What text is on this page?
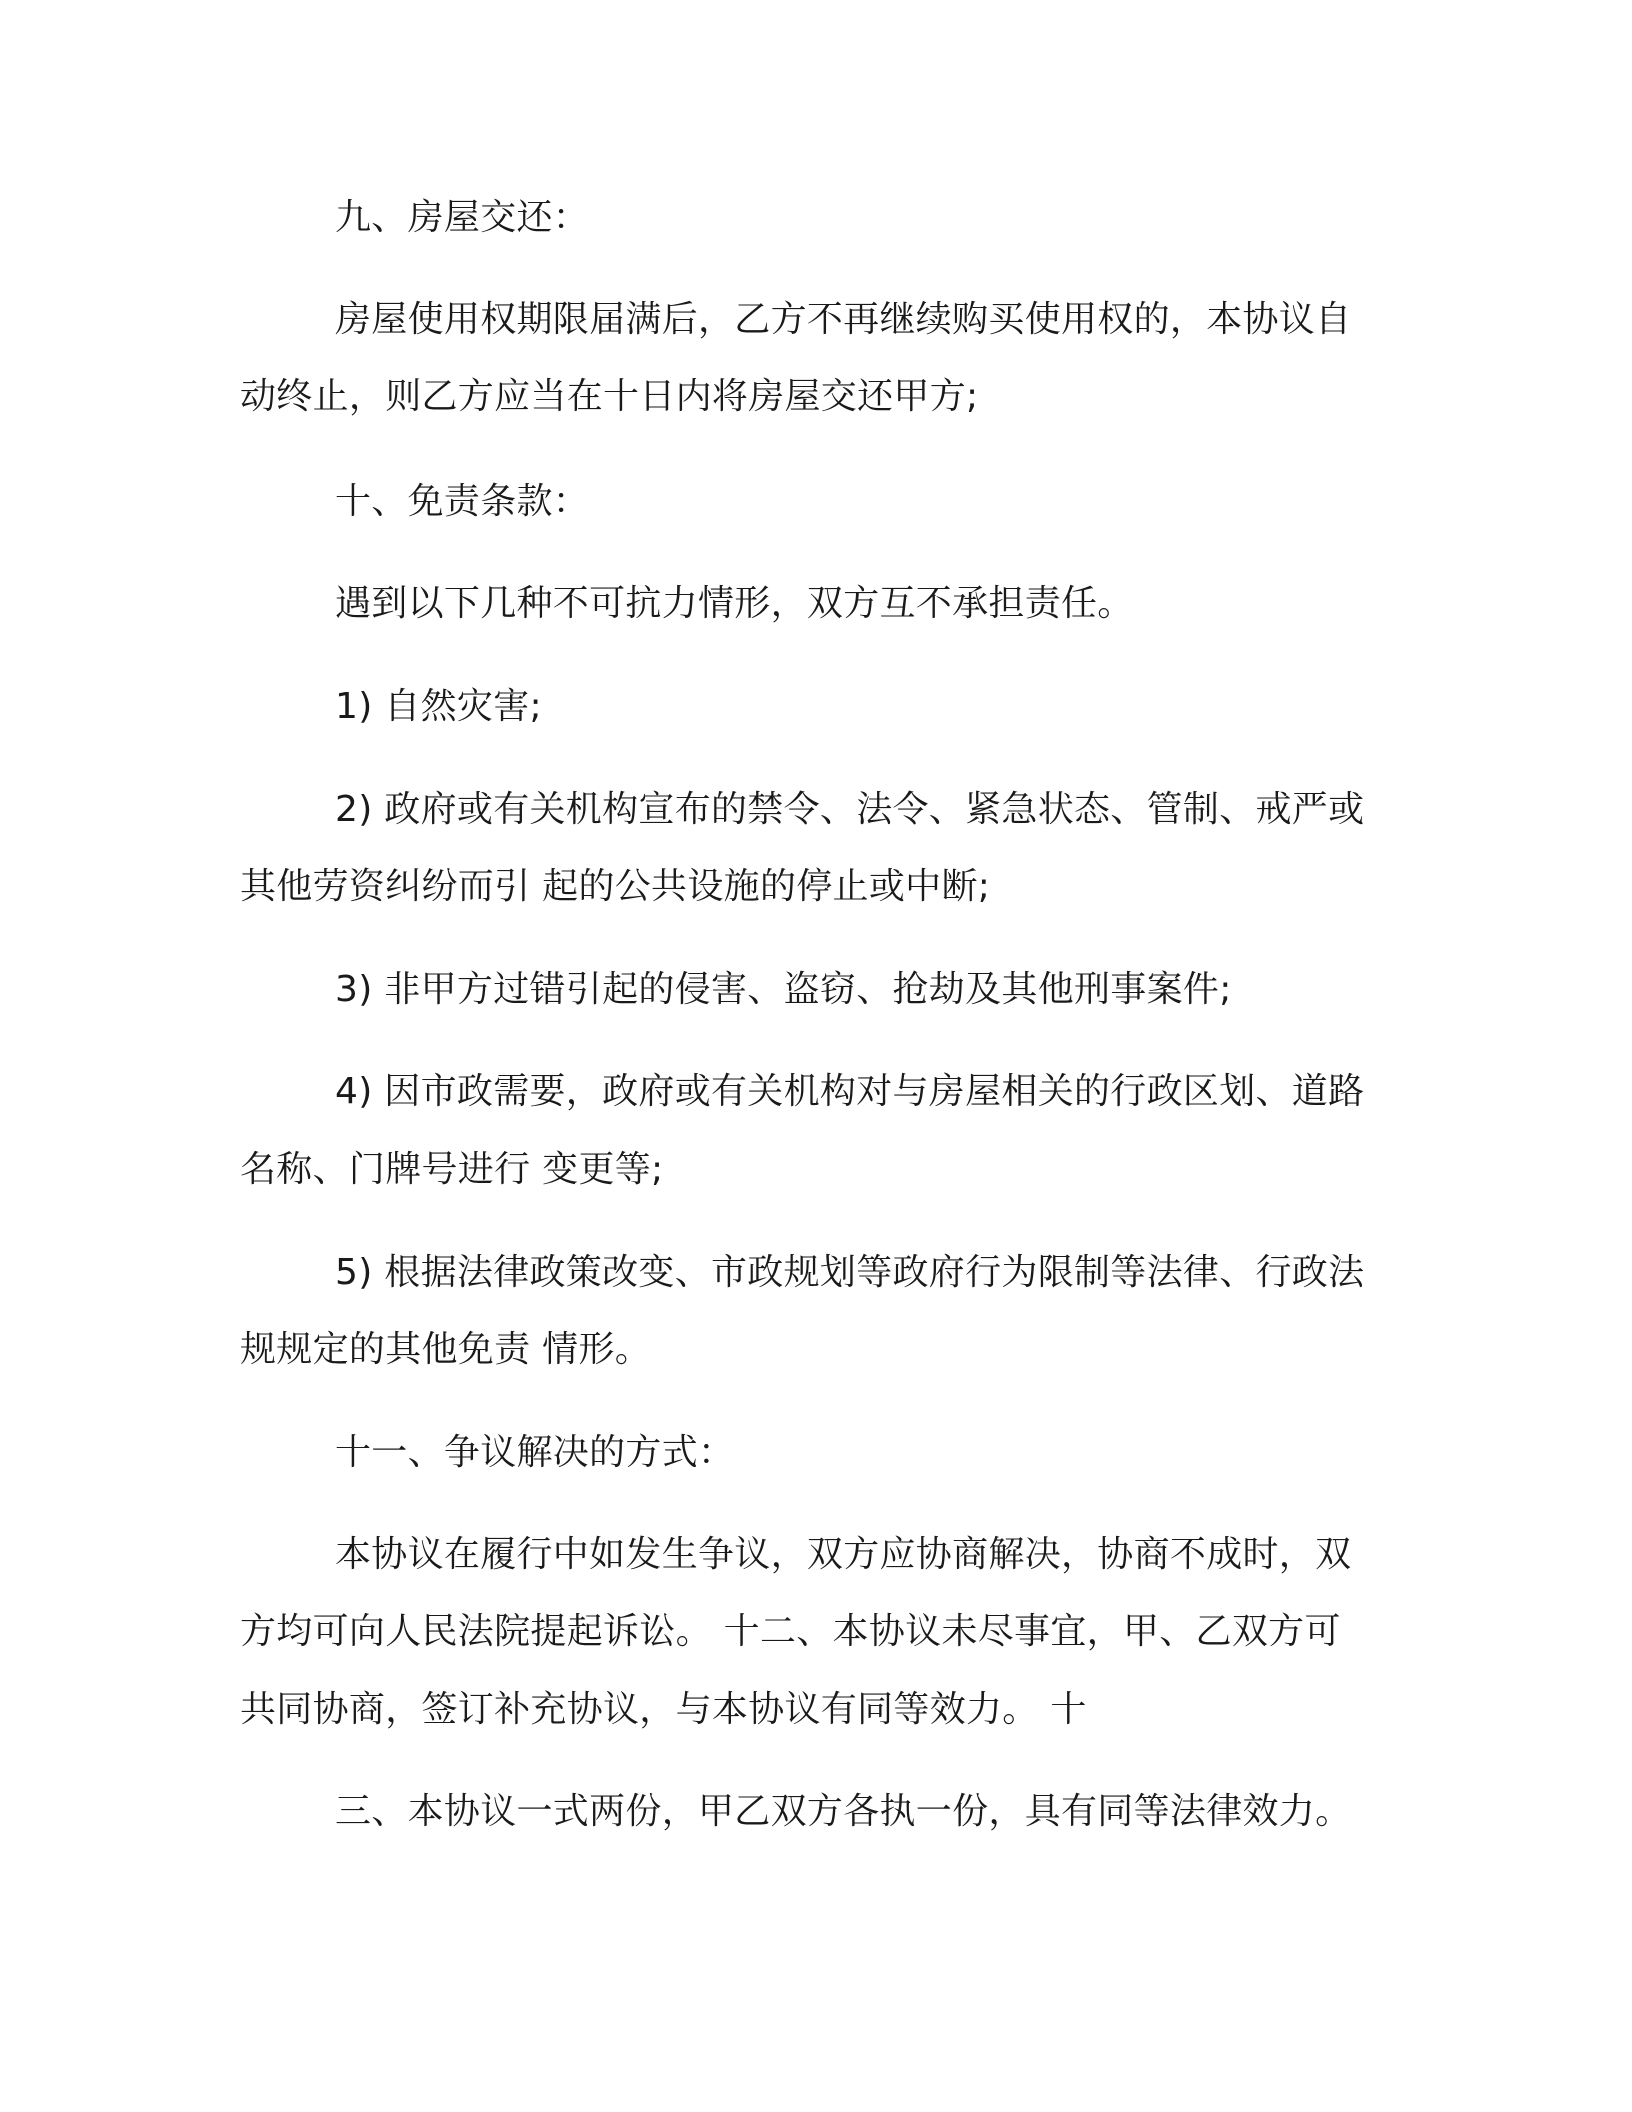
九、房屋交还：

房屋使用权期限届满后，乙方不再继续购买使用权的，本协议自

动终止，则乙方应当在十日内将房屋交还甲方;

十、免责条款：

遇到以下几种不可抗力情形，双方互不承担责任。

1) 自然灾害;

2) 政府或有关机构宣布的禁令、法令、紧急状态、管制、戒严或

其他劳资纠纷而引 起的公共设施的停止或中断;

3) 非甲方过错引起的侵害、盗窃、抢劫及其他刑事案件;

4) 因市政需要，政府或有关机构对与房屋相关的行政区划、道路

名称、门牌号进行 变更等;

5) 根据法律政策改变、市政规划等政府行为限制等法律、行政法

规规定的其他免责 情形。

十一、争议解决的方式：

本协议在履行中如发生争议，双方应协商解决，协商不成时，双

方均可向人民法院提起诉讼。 十二、本协议未尽事宜，甲、乙双方可

共同协商，签订补充协议，与本协议有同等效力。 十

三、本协议一式两份，甲乙双方各执一份，具有同等法律效力。
